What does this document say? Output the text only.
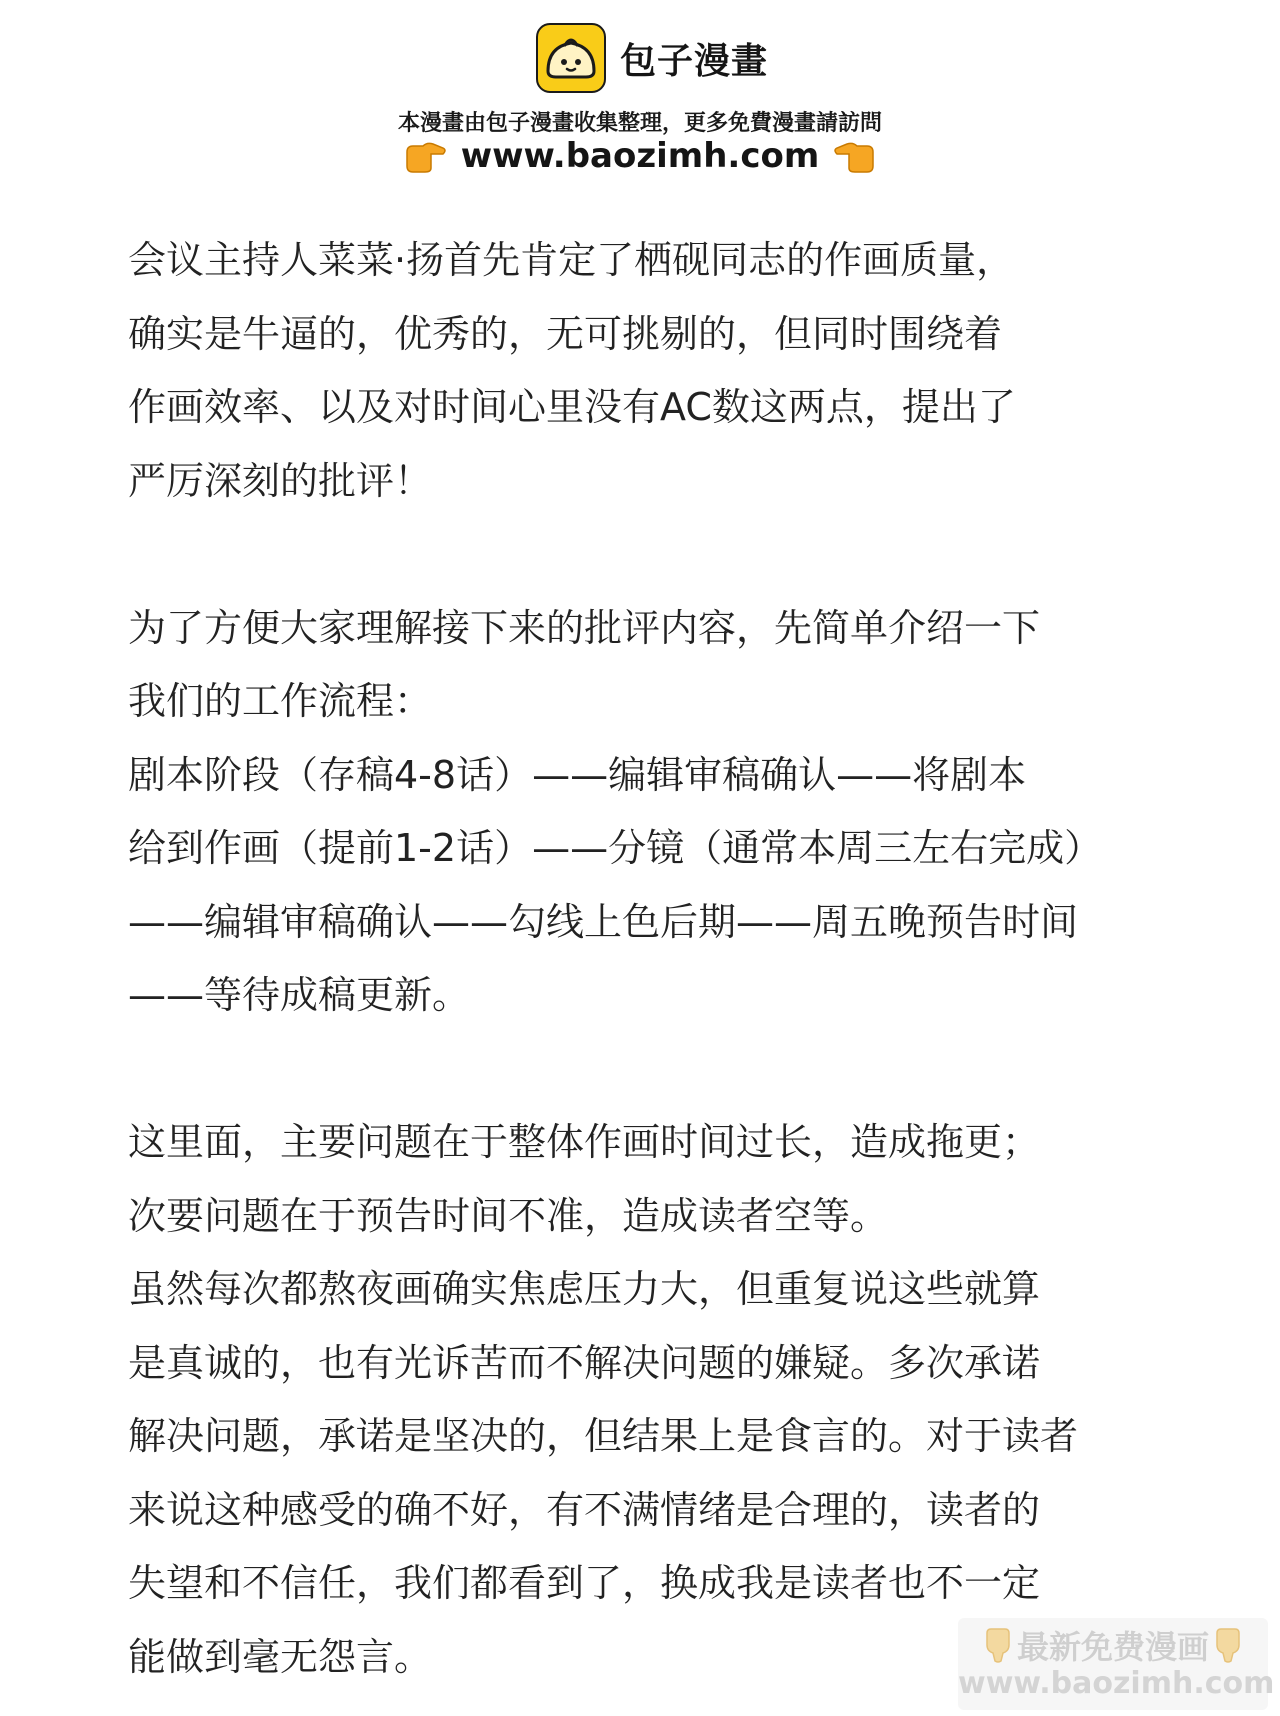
包子漫畫
本漫畫由包子漫畫收集整理，更多免費漫畫請訪問
www.baozimh.com
会议主持人菜菜·扬首先肯定了栖砚同志的作画质量，
确实是牛逼的，优秀的，无可挑剔的，但同时围绕着
作画效率、以及对时间心里没有AC数这两点，提出了
严厉深刻的批评！
为了方便大家理解接下来的批评内容，先简单介绍一下
我们的工作流程：
剧本阶段（存稿4-8话）——编辑审稿确认——将剧本
给到作画（提前1-2话）——分镜（通常本周三左右完成）
——编辑审稿确认——勾线上色后期——周五晚预告时间
——等待成稿更新。
这里面，主要问题在于整体作画时间过长，造成拖更；
次要问题在于预告时间不准，造成读者空等。
虽然每次都熬夜画确实焦虑压力大，但重复说这些就算
是真诚的，也有光诉苦而不解决问题的嫌疑。多次承诺
解决问题，承诺是坚决的，但结果上是食言的。对于读者
来说这种感受的确不好，有不满情绪是合理的，读者的
失望和不信任，我们都看到了，换成我是读者也不一定
能做到毫无怨言。	最新免费漫画
www.baozimh.com
